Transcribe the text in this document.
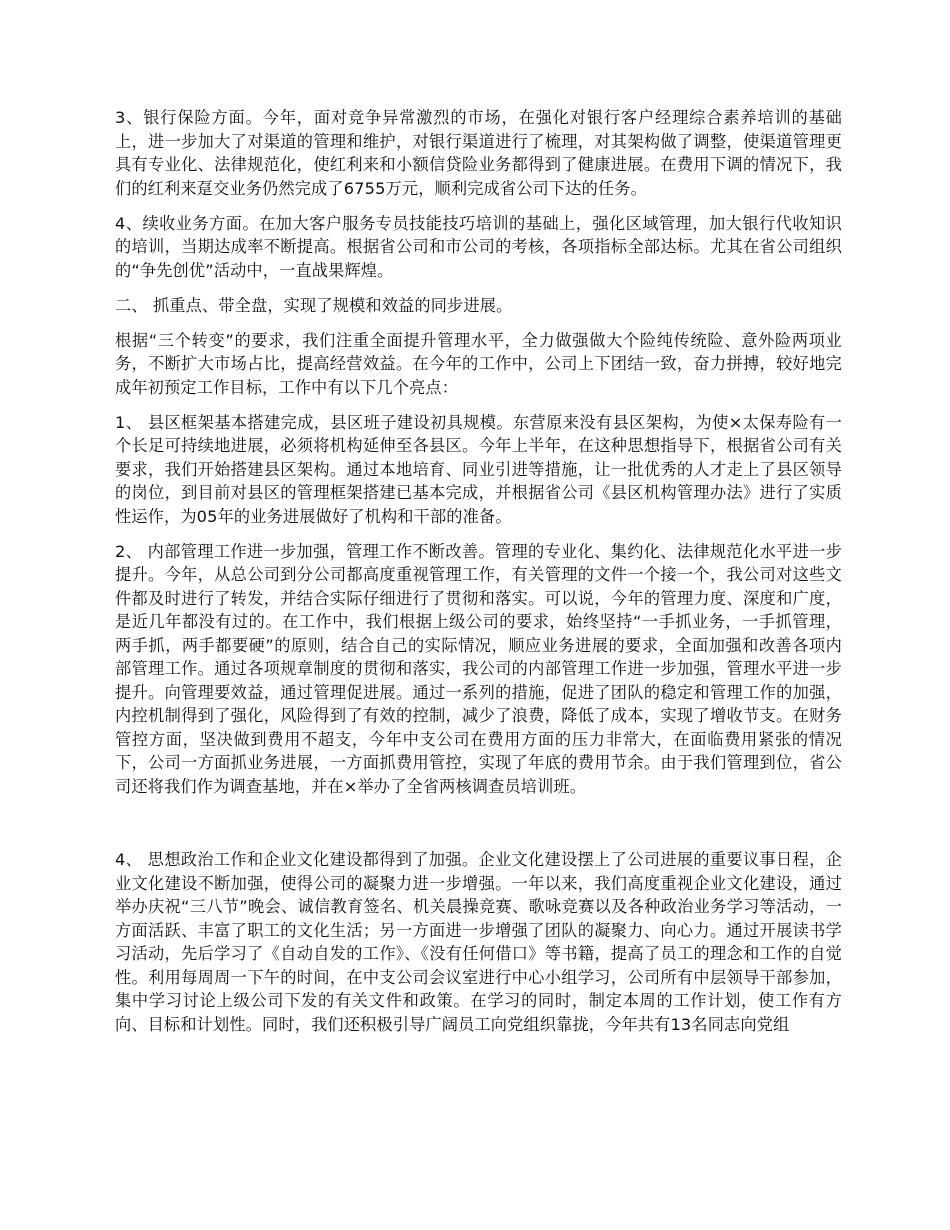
3、银行保险方面。今年，面对竞争异常激烈的市场，在强化对银行客户经理综合素养培训的基础上，进一步加大了对渠道的管理和维护，对银行渠道进行了梳理，对其架构做了调整，使渠道管理更具有专业化、法律规范化，使红利来和小额信贷险业务都得到了健康进展。在费用下调的情况下，我们的红利来趸交业务仍然完成了6755万元，顺利完成省公司下达的任务。

4、续收业务方面。在加大客户服务专员技能技巧培训的基础上，强化区域管理，加大银行代收知识的培训，当期达成率不断提高。根据省公司和市公司的考核，各项指标全部达标。尤其在省公司组织的“争先创优”活动中，一直战果辉煌。

二、 抓重点、带全盘，实现了规模和效益的同步进展。

根据“三个转变”的要求，我们注重全面提升管理水平，全力做强做大个险纯传统险、意外险两项业务，不断扩大市场占比，提高经营效益。在今年的工作中，公司上下团结一致，奋力拼搏，较好地完成年初预定工作目标，工作中有以下几个亮点：

1、 县区框架基本搭建完成，县区班子建设初具规模。东营原来没有县区架构，为使×太保寿险有一个长足可持续地进展，必须将机构延伸至各县区。今年上半年，在这种思想指导下，根据省公司有关要求，我们开始搭建县区架构。通过本地培育、同业引进等措施，让一批优秀的人才走上了县区领导的岗位，到目前对县区的管理框架搭建已基本完成，并根据省公司《县区机构管理办法》进行了实质性运作，为05年的业务进展做好了机构和干部的准备。

2、 内部管理工作进一步加强，管理工作不断改善。管理的专业化、集约化、法律规范化水平进一步提升。今年，从总公司到分公司都高度重视管理工作，有关管理的文件一个接一个，我公司对这些文件都及时进行了转发，并结合实际仔细进行了贯彻和落实。可以说，今年的管理力度、深度和广度，是近几年都没有过的。在工作中，我们根据上级公司的要求，始终坚持“一手抓业务，一手抓管理，两手抓，两手都要硬”的原则，结合自己的实际情况，顺应业务进展的要求，全面加强和改善各项内部管理工作。通过各项规章制度的贯彻和落实，我公司的内部管理工作进一步加强，管理水平进一步提升。向管理要效益，通过管理促进展。通过一系列的措施，促进了团队的稳定和管理工作的加强，内控机制得到了强化，风险得到了有效的控制，减少了浪费，降低了成本，实现了增收节支。在财务管控方面，坚决做到费用不超支，今年中支公司在费用方面的压力非常大，在面临费用紧张的情况下，公司一方面抓业务进展，一方面抓费用管控，实现了年底的费用节余。由于我们管理到位，省公司还将我们作为调查基地，并在×举办了全省两核调查员培训班。

4、 思想政治工作和企业文化建设都得到了加强。企业文化建设摆上了公司进展的重要议事日程，企业文化建设不断加强，使得公司的凝聚力进一步增强。一年以来，我们高度重视企业文化建设，通过举办庆祝“三八节”晚会、诚信教育签名、机关晨操竞赛、歌咏竞赛以及各种政治业务学习等活动，一方面活跃、丰富了职工的文化生活；另一方面进一步增强了团队的凝聚力、向心力。通过开展读书学习活动，先后学习了《自动自发的工作》、《没有任何借口》等书籍，提高了员工的理念和工作的自觉性。利用每周周一下午的时间，在中支公司会议室进行中心小组学习，公司所有中层领导干部参加，集中学习讨论上级公司下发的有关文件和政策。在学习的同时，制定本周的工作计划，使工作有方向、目标和计划性。同时，我们还积极引导广阔员工向党组织靠拢，今年共有13名同志向党组
